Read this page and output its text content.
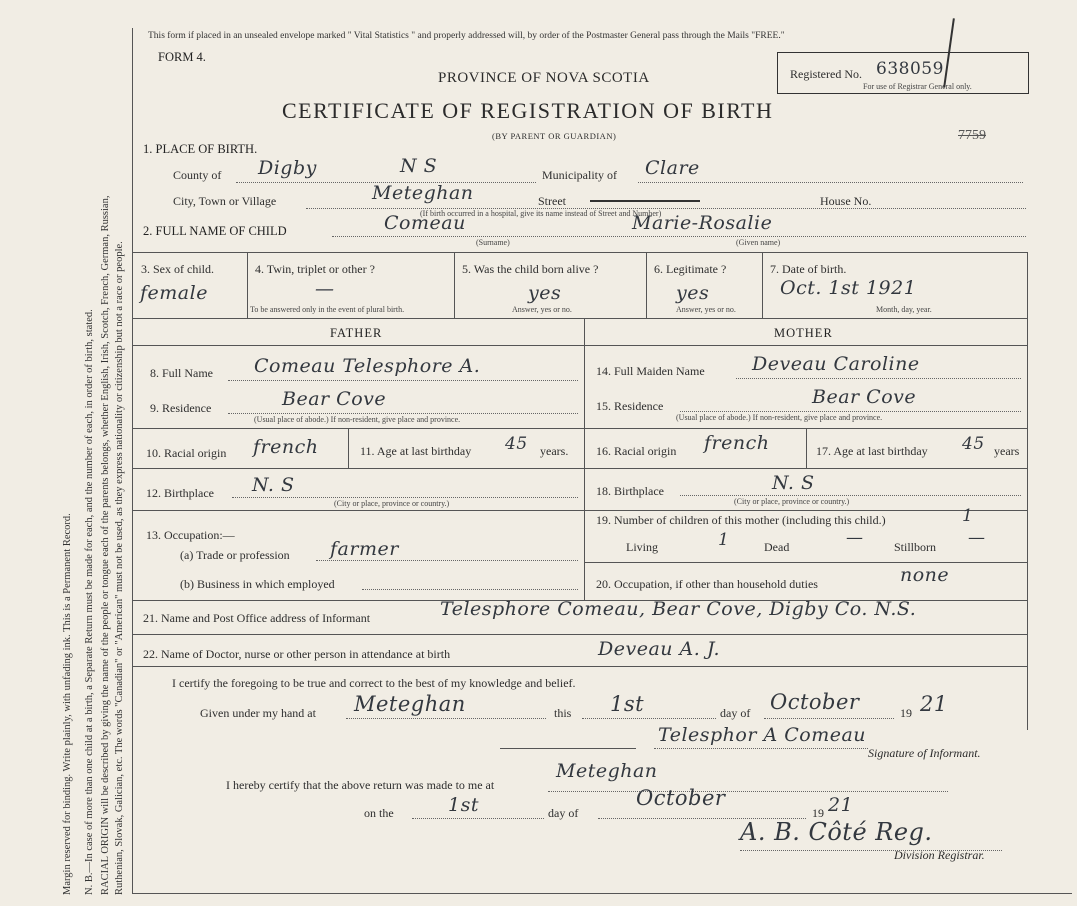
Margin reserved for binding. Write plainly, with unfading ink. This is a Permanent Record. N. B.—In case of more than one child at a birth, a Separate Return must be made for each, and the number of each, in order of birth, stated. RACIAL ORIGIN will be described by giving the name of the people or tongue each of the parents belongs, whether English, Irish, Scotch, French, German, Russian, Ruthenian, Slovak, Galician, etc. The words "Canadian" or "American" must not be used, as they express nationality or citizenship but not a race or people.
This form if placed in an unsealed envelope marked " Vital Statistics " and properly addressed will, by order of the Postmaster General pass through the Mails "FREE."
FORM 4.
PROVINCE OF NOVA SCOTIA
CERTIFICATE OF REGISTRATION OF BIRTH
(BY PARENT OR GUARDIAN)
Registered No. 638059
For use of Registrar General only.
7759
1. PLACE OF BIRTH.
County of Digby	N S	Municipality of Clare
City, Town or Village	Meteghan	Street	House No.
(If birth occurred in a hospital, give its name instead of Street and Number)
2. FULL NAME OF CHILD	Comeau	Marie-Rosalie
(Surname)	(Given name)
3. Sex of child.
female
4. Twin, triplet or other ?
—
To be answered only in the event of plural birth.
5. Was the child born alive ?
yes
Answer, yes or no.
6. Legitimate ?
yes
Answer, yes or no.
7. Date of birth.
Oct. 1st 1921
Month, day, year.
FATHER	MOTHER
8. Full Name Comeau Telesphore A.
9. Residence	Bear Cove
(Usual place of abode.) If non-resident, give place and province.
10. Racial origin french	11. Age at last birthday 45 years.
12. Birthplace N. S
(City or place, province or country.)
13. Occupation:—
(a) Trade or profession farmer
(b) Business in which employed
14. Full Maiden Name Deveau Caroline
15. Residence	Bear Cove
(Usual place of abode.) If non-resident, give place and province.
16. Racial origin french	17. Age at last birthday 45 years
18. Birthplace	N. S
(City or place, province or country.)
19. Number of children of this mother (including this child.)	1
Living	1	Dead	—	Stillborn —
20. Occupation, if other than household duties	none
21. Name and Post Office address of Informant	Telesphore Comeau, Bear Cove, Digby Co. N.S.
22. Name of Doctor, nurse or other person in attendance at birth	Deveau A. J.
I certify the foregoing to be true and correct to the best of my knowledge and belief.
Given under my hand at Meteghan	this 1st	day of October	19 21
Telesphor A Comeau
Signature of Informant.
I hereby certify that the above return was made to me at
Meteghan
on the	1st	day of
October
19 21
A. B. Côté Reg.
Division Registrar.
